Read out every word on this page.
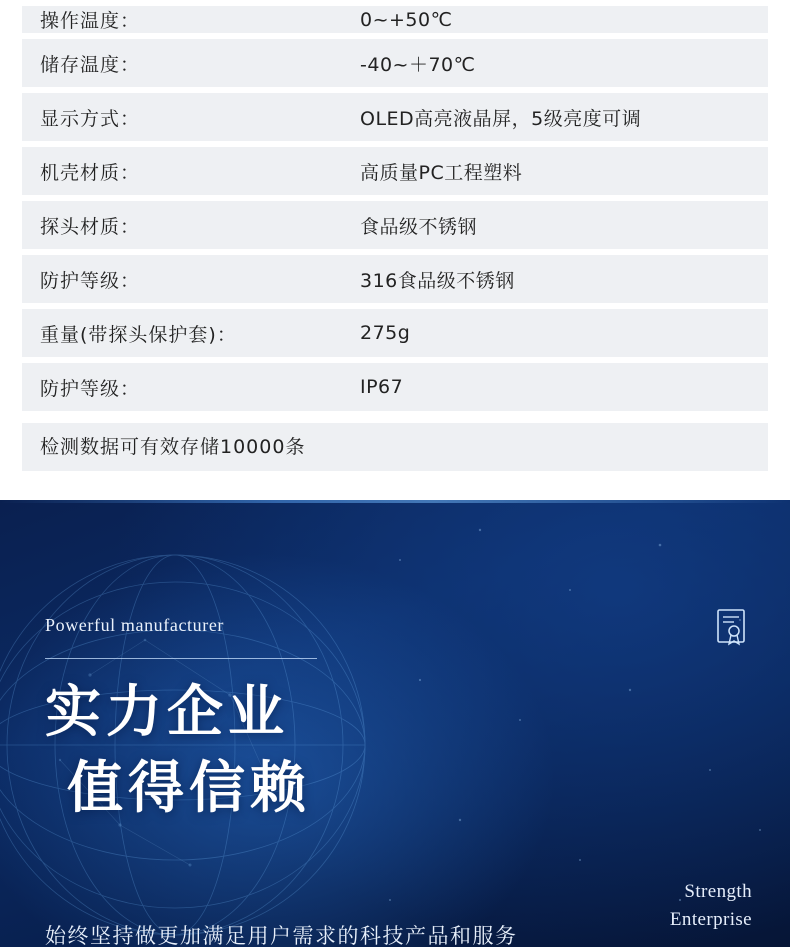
操作温度：	0~+50℃
储存温度：	-40~＋70℃
显示方式：	OLED高亮液晶屏，5级亮度可调
机壳材质：	高质量PC工程塑料
探头材质：	食品级不锈钢
防护等级：	316食品级不锈钢
重量(带探头保护套)：	275g
防护等级：	IP67
检测数据可有效存储10000条
Powerful manufacturer
实力企业
值得信赖
Strength
Enterprise
始终坚持做更加满足用户需求的科技产品和服务
